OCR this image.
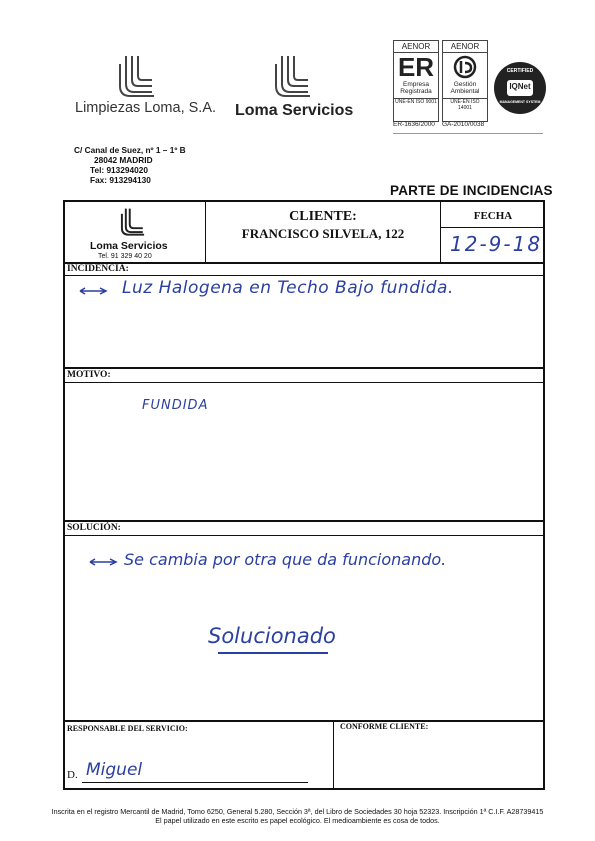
Limpiezas Loma, S.A. Loma Servicios
AENOR
ER
Empresa
Registrada
UNE-EN ISO 9001
ER-1636/2000
AENOR
Gestión
Ambiental
UNE-EN ISO 14001
GA-2010/0038
IQNet
CERTIFIED
MANAGEMENT SYSTEM
C/ Canal de Suez, nº 1 – 1º B
28042 MADRID
Tel: 913294020
Fax: 913294130
PARTE DE INCIDENCIAS
Loma Servicios
Tel. 91 329 40 20
CLIENTE:
FRANCISCO SILVELA, 122
FECHA
12-9-18
INCIDENCIA:
Luz Halogena en Techo Bajo fundida.
MOTIVO:
FUNDIDA
SOLUCIÓN:
Se cambia por otra que da funcionando.
Solucionado
RESPONSABLE DEL SERVICIO:	CONFORME CLIENTE:
D. Miguel
Inscrita en el registro Mercantil de Madrid, Tomo 6250, General 5.280, Sección 3ª, del Libro de Sociedades 30 hoja 52323. Inscripción 1ª C.I.F. A28739415
El papel utilizado en este escrito es papel ecológico. El medioambiente es cosa de todos.
